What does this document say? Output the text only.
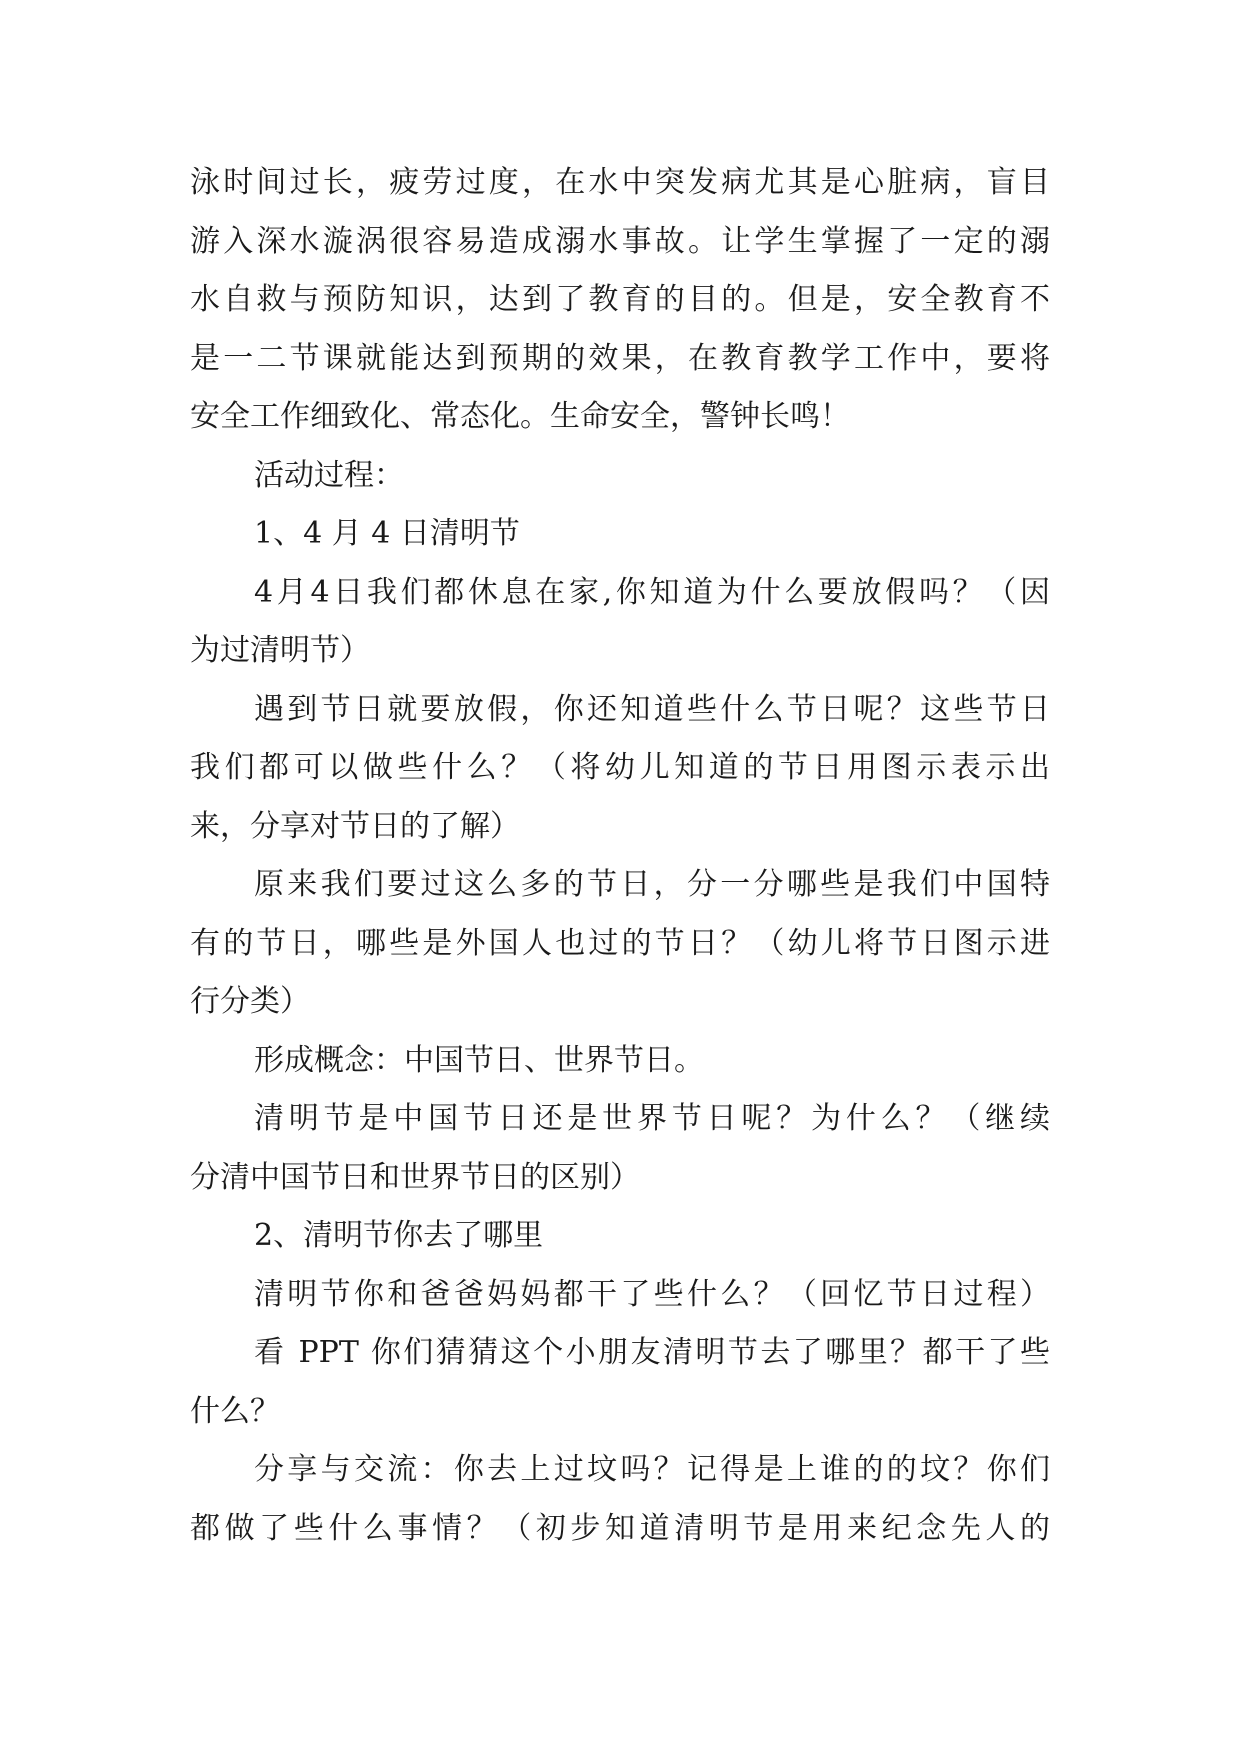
泳时间过长，疲劳过度，在水中突发病尤其是心脏病，盲目
游入深水漩涡很容易造成溺水事故。让学生掌握了一定的溺
水自救与预防知识，达到了教育的目的。但是，安全教育不
是一二节课就能达到预期的效果，在教育教学工作中，要将
安全工作细致化、常态化。生命安全，警钟长鸣！
活动过程：
1、4 月 4 日清明节
4月4日我们都休息在家,你知道为什么要放假吗？（因
为过清明节）
遇到节日就要放假，你还知道些什么节日呢？这些节日
我们都可以做些什么？（将幼儿知道的节日用图示表示出
来，分享对节日的了解）
原来我们要过这么多的节日，分一分哪些是我们中国特
有的节日，哪些是外国人也过的节日？（幼儿将节日图示进
行分类）
形成概念：中国节日、世界节日。
清明节是中国节日还是世界节日呢？为什么？（继续
分清中国节日和世界节日的区别）
2、清明节你去了哪里
清明节你和爸爸妈妈都干了些什么？（回忆节日过程）
看 PPT 你们猜猜这个小朋友清明节去了哪里？都干了些
什么？
分享与交流：你去上过坟吗？记得是上谁的的坟？你们
都做了些什么事情？（初步知道清明节是用来纪念先人的
